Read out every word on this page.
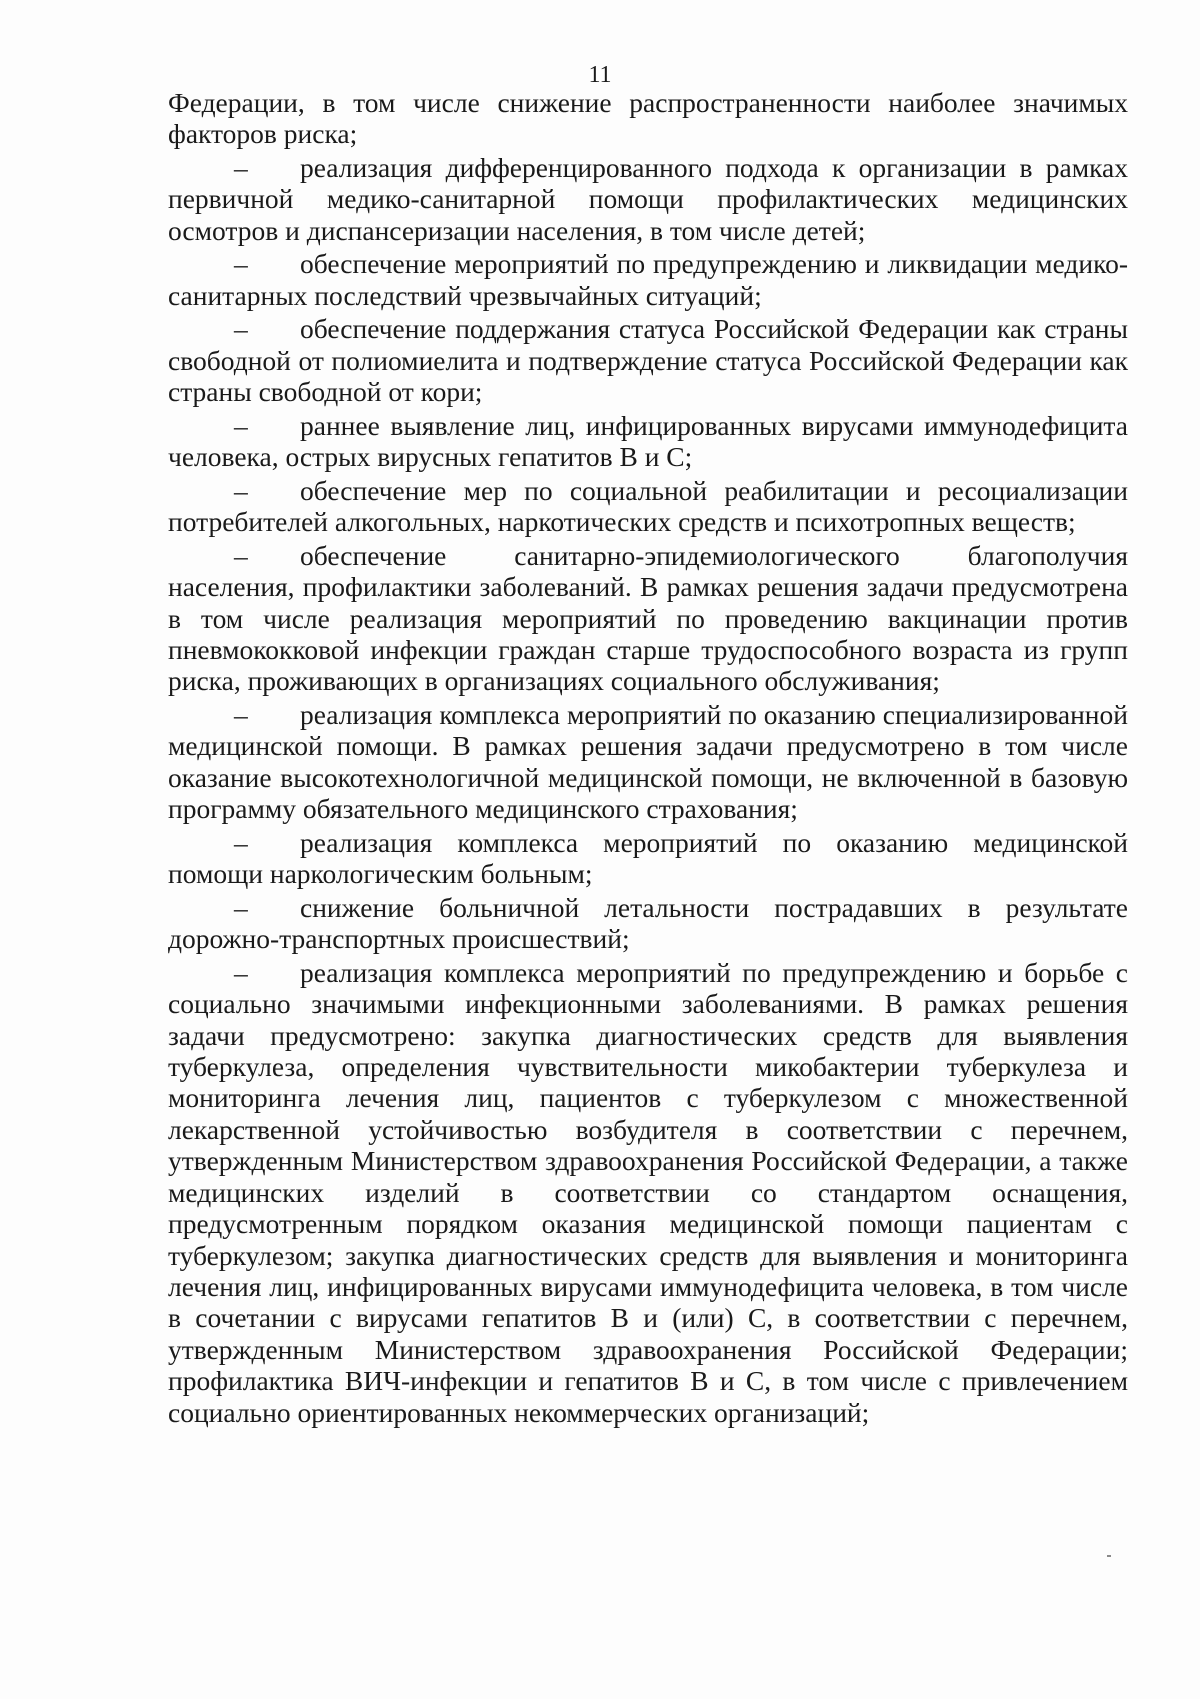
11

Федерации, в том числе снижение распространенности наиболее значимых факторов риска;

– реализация дифференцированного подхода к организации в рамках первичной медико-санитарной помощи профилактических медицинских осмотров и диспансеризации населения, в том числе детей;

– обеспечение мероприятий по предупреждению и ликвидации медико-санитарных последствий чрезвычайных ситуаций;

– обеспечение поддержания статуса Российской Федерации как страны свободной от полиомиелита и подтверждение статуса Российской Федерации как страны свободной от кори;

– раннее выявление лиц, инфицированных вирусами иммунодефицита человека, острых вирусных гепатитов В и С;

– обеспечение мер по социальной реабилитации и ресоциализации потребителей алкогольных, наркотических средств и психотропных веществ;

– обеспечение санитарно-эпидемиологического благополучия населения, профилактики заболеваний. В рамках решения задачи предусмотрена в том числе реализация мероприятий по проведению вакцинации против пневмококковой инфекции граждан старше трудоспособного возраста из групп риска, проживающих в организациях социального обслуживания;

– реализация комплекса мероприятий по оказанию специализированной медицинской помощи. В рамках решения задачи предусмотрено в том числе оказание высокотехнологичной медицинской помощи, не включенной в базовую программу обязательного медицинского страхования;

– реализация комплекса мероприятий по оказанию медицинской помощи наркологическим больным;

– снижение больничной летальности пострадавших в результате дорожно-транспортных происшествий;

– реализация комплекса мероприятий по предупреждению и борьбе с социально значимыми инфекционными заболеваниями. В рамках решения задачи предусмотрено: закупка диагностических средств для выявления туберкулеза, определения чувствительности микобактерии туберкулеза и мониторинга лечения лиц, пациентов с туберкулезом с множественной лекарственной устойчивостью возбудителя в соответствии с перечнем, утвержденным Министерством здравоохранения Российской Федерации, а также медицинских изделий в соответствии со стандартом оснащения, предусмотренным порядком оказания медицинской помощи пациентам с туберкулезом; закупка диагностических средств для выявления и мониторинга лечения лиц, инфицированных вирусами иммунодефицита человека, в том числе в сочетании с вирусами гепатитов В и (или) С, в соответствии с перечнем, утвержденным Министерством здравоохранения Российской Федерации; профилактика ВИЧ-инфекции и гепатитов В и С, в том числе с привлечением социально ориентированных некоммерческих организаций;
